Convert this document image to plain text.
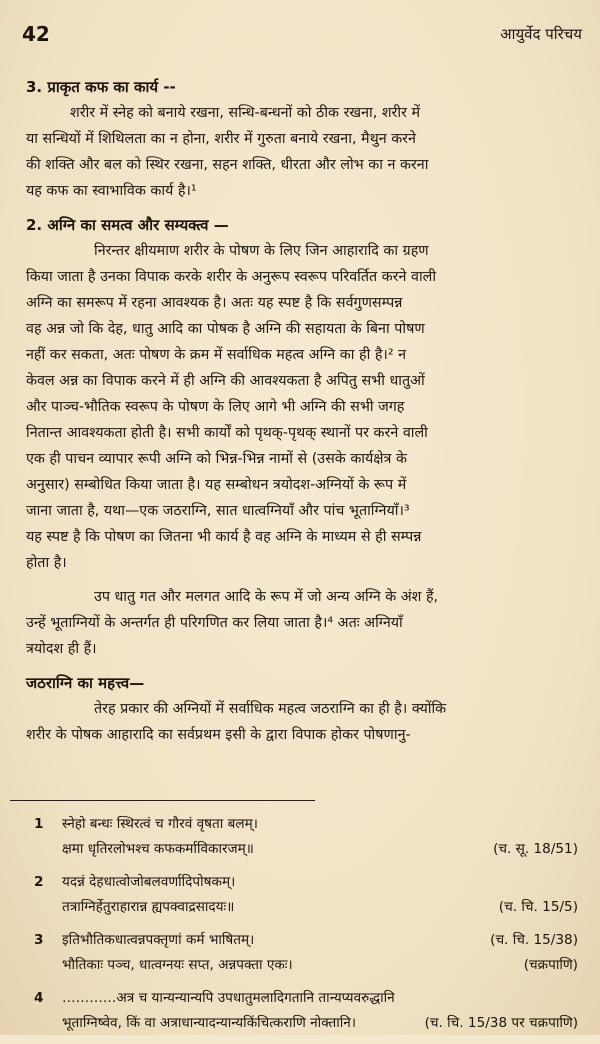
42	आयुर्वेद परिचय
3. प्राकृत कफ का कार्य --
शरीर में स्नेह को बनाये रखना, सन्धि-बन्धनों को ठीक रखना, शरीर में
या सन्धियों में शिथिलता का न होना, शरीर में गुरुता बनाये रखना, मैथुन करने
की शक्ति और बल को स्थिर रखना, सहन शक्ति, धीरता और लोभ का न करना
यह कफ का स्वाभाविक कार्य है।¹
2. अग्नि का समत्व और सम्यक्त्व —
निरन्तर क्षीयमाण शरीर के पोषण के लिए जिन आहारादि का ग्रहण
किया जाता है उनका विपाक करके शरीर के अनुरूप स्वरूप परिवर्तित करने वाली
अग्नि का समरूप में रहना आवश्यक है। अतः यह स्पष्ट है कि सर्वगुणसम्पन्न
वह अन्न जो कि देह, धातु आदि का पोषक है अग्नि की सहायता के बिना पोषण
नहीं कर सकता, अतः पोषण के क्रम में सर्वाधिक महत्व अग्नि का ही है।² न
केवल अन्न का विपाक करने में ही अग्नि की आवश्यकता है अपितु सभी धातुओं
और पाञ्च-भौतिक स्वरूप के पोषण के लिए आगे भी अग्नि की सभी जगह
नितान्त आवश्यकता होती है। सभी कार्यों को पृथक्-पृथक् स्थानों पर करने वाली
एक ही पाचन व्यापार रूपी अग्नि को भिन्न-भिन्न नामों से (उसके कार्यक्षेत्र के
अनुसार) सम्बोधित किया जाता है। यह सम्बोधन त्रयोदश-अग्नियों के रूप में
जाना जाता है, यथा—एक जठराग्नि, सात धात्वग्नियाँ और पांच भूताग्नियाँ।³
यह स्पष्ट है कि पोषण का जितना भी कार्य है वह अग्नि के माध्यम से ही सम्पन्न
होता है।
उप धातु गत और मलगत आदि के रूप में जो अन्य अग्नि के अंश हैं,
उन्हें भूताग्नियों के अन्तर्गत ही परिगणित कर लिया जाता है।⁴ अतः अग्नियाँ
त्रयोदश ही हैं।
जठराग्नि का महत्त्व—
तेरह प्रकार की अग्नियों में सर्वाधिक महत्व जठराग्नि का ही है। क्योंकि
शरीर के पोषक आहारादि का सर्वप्रथम इसी के द्वारा विपाक होकर पोषणानु-
1 स्नेहो बन्धः स्थिरत्वं च गौरवं वृषता बलम्।
क्षमा धृतिरलोभश्च कफकर्माविकारजम्॥	(च. सू. 18/51)
2 यदन्नं देहधात्वोजोबलवर्णादिपोषकम्।
तत्राग्निर्हेतुराहारान्न ह्यपक्वाद्रसादयः॥	(च. चि. 15/5)
3 इतिभौतिकधात्वन्नपक्तृणां कर्म भाषितम्।	(च. चि. 15/38)
भौतिकाः पञ्च, धात्वग्नयः सप्त, अन्नपक्ता एकः।	(चक्रपाणि)
4 …………अत्र च यान्यन्यान्यपि उपधातुमलादिगतानि तान्यप्यवरुद्धानि
भूताग्निष्वेव, किं वा अत्राधान्यादन्यान्यकिंचित्कराणि नोक्तानि।	(च. चि. 15/38 पर चक्रपाणि)
